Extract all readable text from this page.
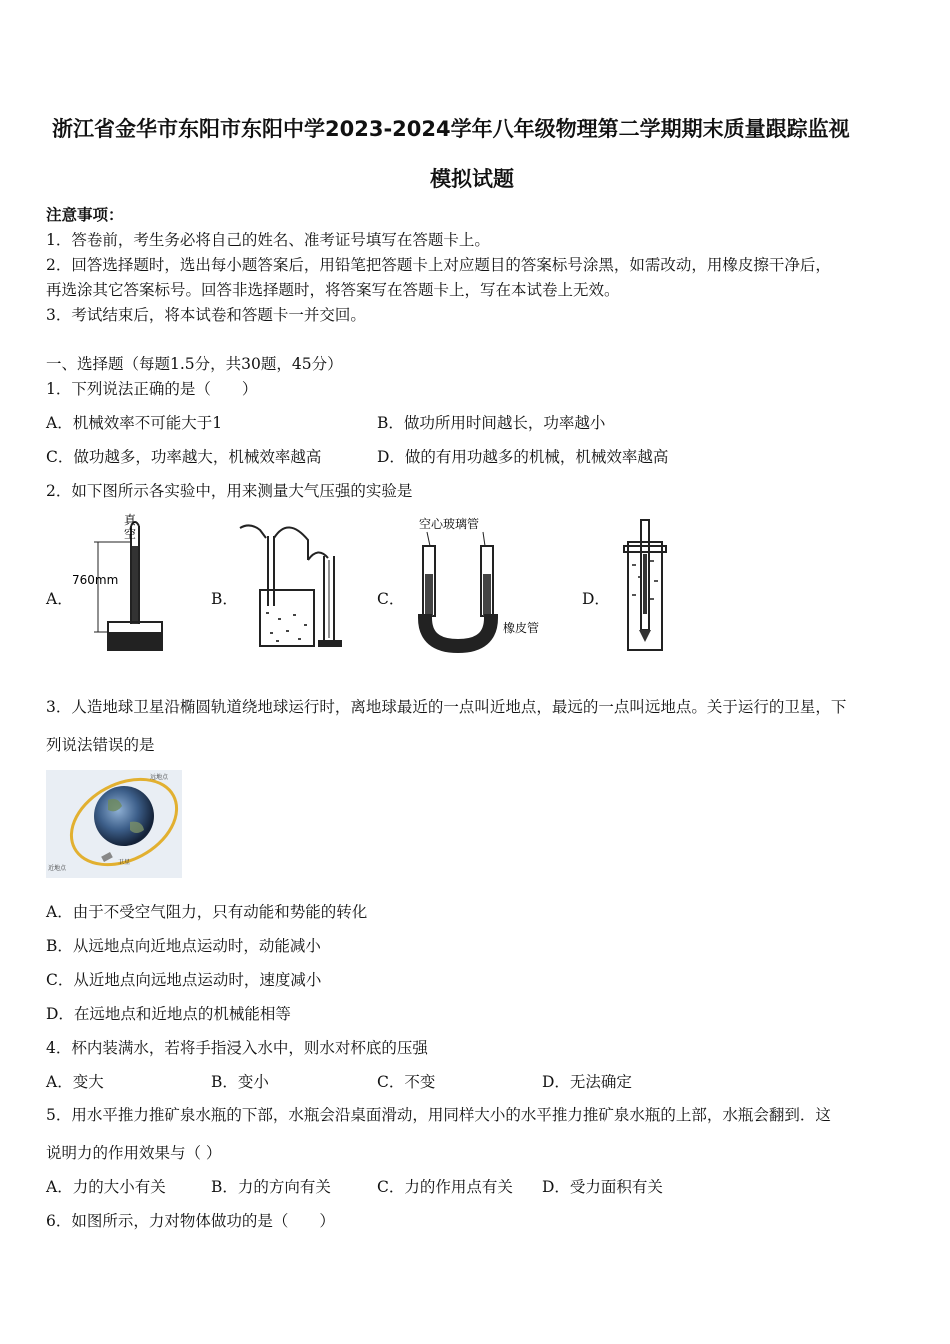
浙江省金华市东阳市东阳中学2023-2024学年八年级物理第二学期期末质量跟踪监视
模拟试题
注意事项：
1．答卷前，考生务必将自己的姓名、准考证号填写在答题卡上。
2．回答选择题时，选出每小题答案后，用铅笔把答题卡上对应题目的答案标号涂黑，如需改动，用橡皮擦干净后，
再选涂其它答案标号。回答非选择题时，将答案写在答题卡上，写在本试卷上无效。
3．考试结束后，将本试卷和答题卡一并交回。
一、选择题（每题1.5分，共30题，45分）
1．下列说法正确的是（　　）
A．机械效率不可能大于1	B．做功所用时间越长，功率越小
C．做功越多，功率越大，机械效率越高	D．做的有用功越多的机械，机械效率越高
2．如下图所示各实验中，用来测量大气压强的实验是
A．	B．	C．	D．
真
空
760mm
空心玻璃管
橡皮管
3．人造地球卫星沿椭圆轨道绕地球运行时，离地球最近的一点叫近地点，最远的一点叫远地点。关于运行的卫星，下
列说法错误的是
远地点
近地点
卫星
A．由于不受空气阻力，只有动能和势能的转化
B．从远地点向近地点运动时，动能减小
C．从近地点向远地点运动时，速度减小
D．在远地点和近地点的机械能相等
4．杯内装满水，若将手指浸入水中，则水对杯底的压强
A．变大	B．变小	C．不变	D．无法确定
5．用水平推力推矿泉水瓶的下部，水瓶会沿桌面滑动，用同样大小的水平推力推矿泉水瓶的上部，水瓶会翻到．这
说明力的作用效果与（ ）
A．力的大小有关	B．力的方向有关	C．力的作用点有关 D．受力面积有关
6．如图所示，力对物体做功的是（　　）
